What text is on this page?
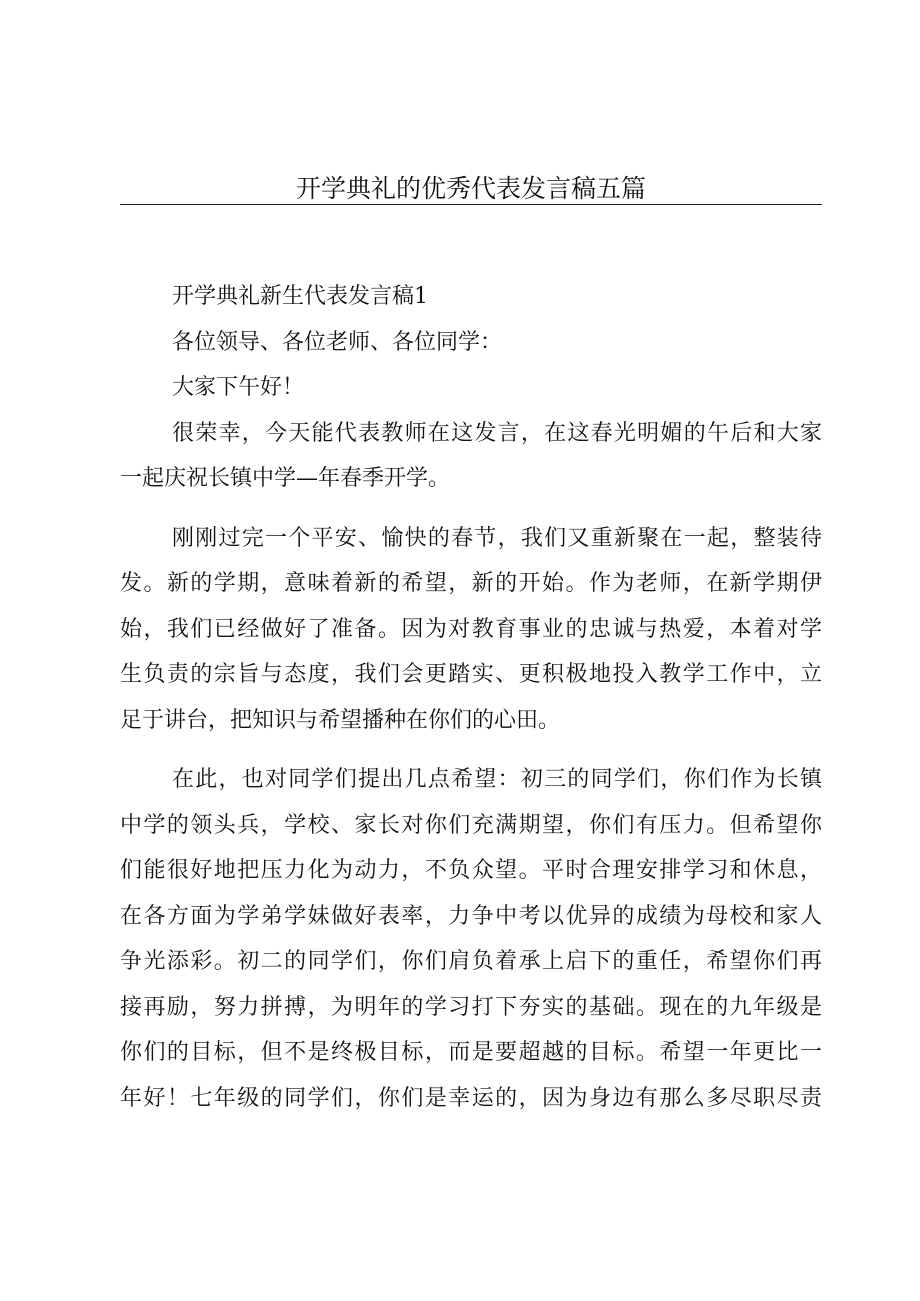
开学典礼的优秀代表发言稿五篇
开学典礼新生代表发言稿1
各位领导、各位老师、各位同学：
大家下午好！
很荣幸，今天能代表教师在这发言，在这春光明媚的午后和大家
一起庆祝长镇中学—年春季开学。
刚刚过完一个平安、愉快的春节，我们又重新聚在一起，整装待
发。新的学期，意味着新的希望，新的开始。作为老师，在新学期伊
始，我们已经做好了准备。因为对教育事业的忠诚与热爱，本着对学
生负责的宗旨与态度，我们会更踏实、更积极地投入教学工作中，立
足于讲台，把知识与希望播种在你们的心田。
在此，也对同学们提出几点希望：初三的同学们，你们作为长镇
中学的领头兵，学校、家长对你们充满期望，你们有压力。但希望你
们能很好地把压力化为动力，不负众望。平时合理安排学习和休息，
在各方面为学弟学妹做好表率，力争中考以优异的成绩为母校和家人
争光添彩。初二的同学们，你们肩负着承上启下的重任，希望你们再
接再励，努力拼搏，为明年的学习打下夯实的基础。现在的九年级是
你们的目标，但不是终极目标，而是要超越的目标。希望一年更比一
年好！七年级的同学们，你们是幸运的，因为身边有那么多尽职尽责
